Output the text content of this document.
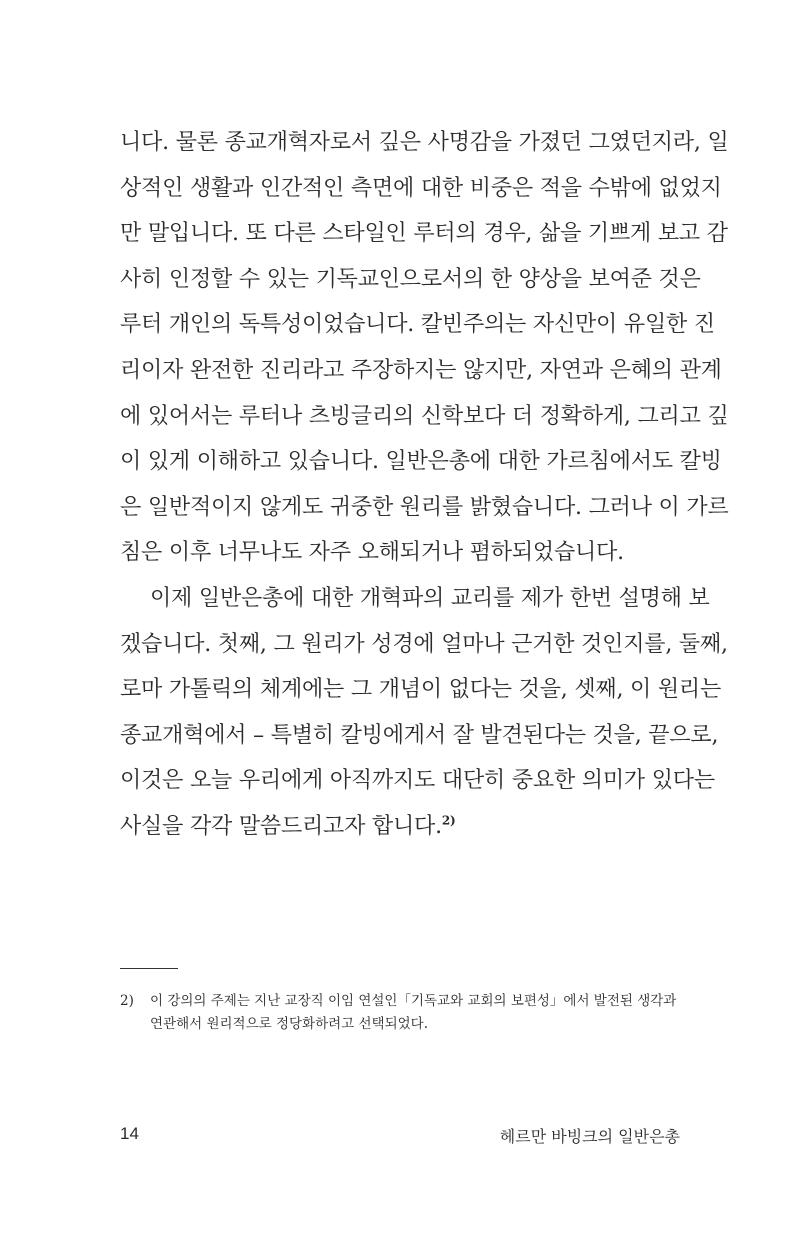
니다. 물론 종교개혁자로서 깊은 사명감을 가졌던 그였던지라, 일
상적인 생활과 인간적인 측면에 대한 비중은 적을 수밖에 없었지
만 말입니다. 또 다른 스타일인 루터의 경우, 삶을 기쁘게 보고 감
사히 인정할 수 있는 기독교인으로서의 한 양상을 보여준 것은
루터 개인의 독특성이었습니다. 칼빈주의는 자신만이 유일한 진
리이자 완전한 진리라고 주장하지는 않지만, 자연과 은혜의 관계
에 있어서는 루터나 츠빙글리의 신학보다 더 정확하게, 그리고 깊
이 있게 이해하고 있습니다. 일반은총에 대한 가르침에서도 칼빙
은 일반적이지 않게도 귀중한 원리를 밝혔습니다. 그러나 이 가르
침은 이후 너무나도 자주 오해되거나 폄하되었습니다.
이제 일반은총에 대한 개혁파의 교리를 제가 한번 설명해 보
겠습니다. 첫째, 그 원리가 성경에 얼마나 근거한 것인지를, 둘째,
로마 가톨릭의 체계에는 그 개념이 없다는 것을, 셋째, 이 원리는
종교개혁에서 – 특별히 칼빙에게서 잘 발견된다는 것을, 끝으로,
이것은 오늘 우리에게 아직까지도 대단히 중요한 의미가 있다는
사실을 각각 말씀드리고자 합니다.$^{2)}$
2) 이 강의의 주제는 지난 교장직 이임 연설인「기독교와 교회의 보편성」에서 발전된 생각과
연관해서 원리적으로 정당화하려고 선택되었다.
14	헤르만 바빙크의 일반은총
